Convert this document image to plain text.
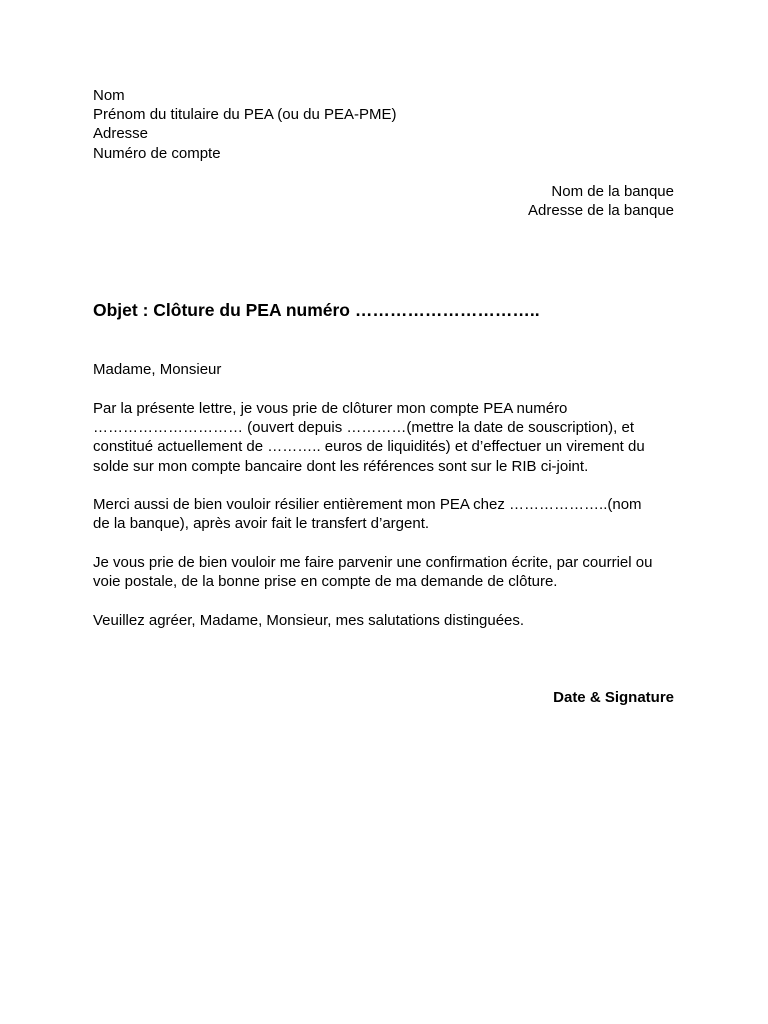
Nom
Prénom du titulaire du PEA (ou du PEA-PME)
Adresse
Numéro de compte
Nom de la banque
Adresse de la banque
Objet : Clôture du PEA numéro …………………………..
Madame, Monsieur
Par la présente lettre, je vous prie de clôturer mon compte PEA numéro
………………………… (ouvert depuis …………(mettre la date de souscription), et
constitué actuellement de ……….. euros de liquidités) et d’effectuer un virement du
solde sur mon compte bancaire dont les références sont sur le RIB ci-joint.
Merci aussi de bien vouloir résilier entièrement mon PEA chez ………………..(nom
de la banque), après avoir fait le transfert d’argent.
Je vous prie de bien vouloir me faire parvenir une confirmation écrite, par courriel ou
voie postale, de la bonne prise en compte de ma demande de clôture.
Veuillez agréer, Madame, Monsieur, mes salutations distinguées.
Date & Signature
